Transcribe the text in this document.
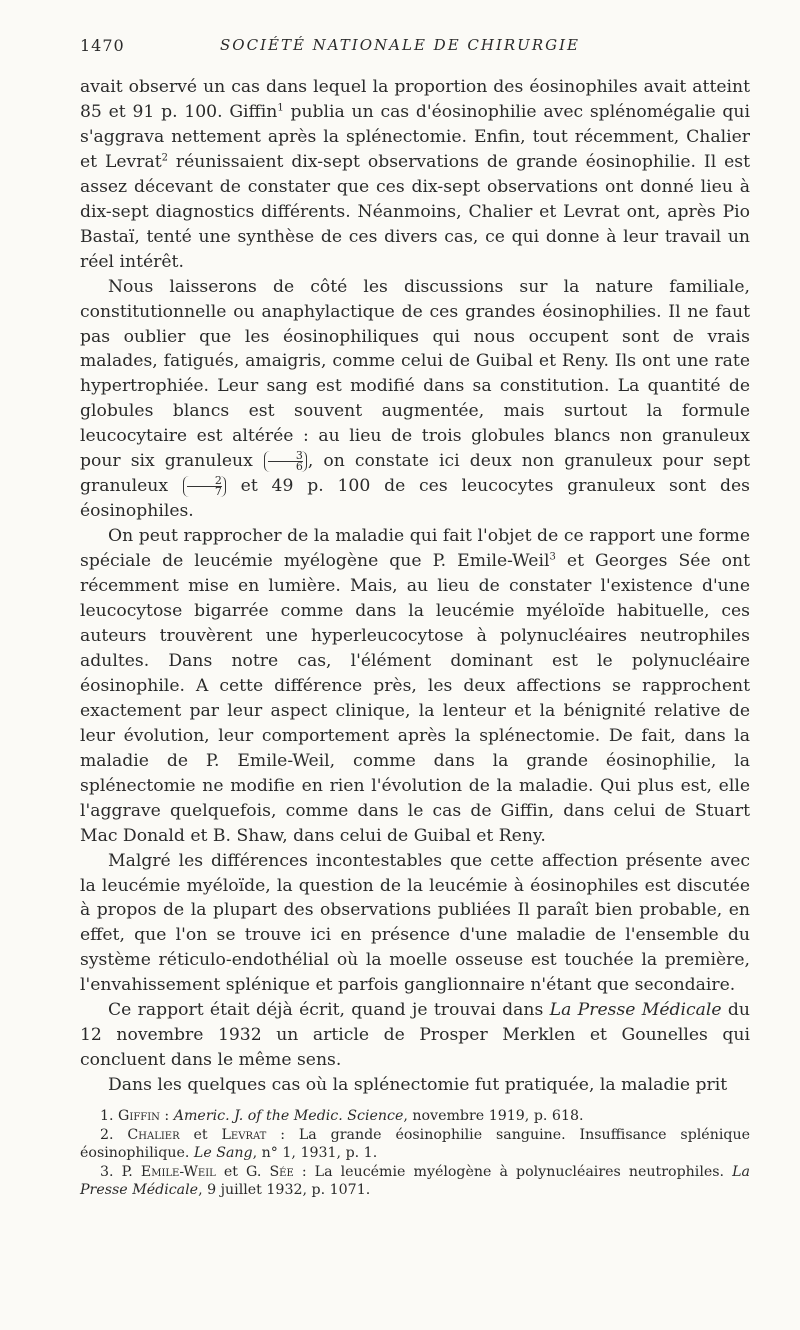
1470	SOCIÉTÉ NATIONALE DE CHIRURGIE

avait observé un cas dans lequel la proportion des éosinophiles avait atteint 85 et 91 p. 100. Giffin$^1$ publia un cas d'éosinophilie avec splénomégalie qui s'aggrava nettement après la splénectomie. Enfin, tout récemment, Chalier et Levrat$^2$ réunissaient dix-sept observations de grande éosinophilie. Il est assez décevant de constater que ces dix-sept observations ont donné lieu à dix-sept diagnostics différents. Néanmoins, Chalier et Levrat ont, après Pio Bastaï, tenté une synthèse de ces divers cas, ce qui donne à leur travail un réel intérêt.

Nous laisserons de côté les discussions sur la nature familiale, constitutionnelle ou anaphylactique de ces grandes éosinophilies. Il ne faut pas oublier que les éosinophiliques qui nous occupent sont de vrais malades, fatigués, amaigris, comme celui de Guibal et Reny. Ils ont une rate hypertrophiée. Leur sang est modifié dans sa constitution. La quantité de globules blancs est souvent augmentée, mais surtout la formule leucocytaire est altérée : au lieu de trois globules blancs non granuleux pour six granuleux $\frac{3}{6}$ , on constate ici deux non granuleux pour sept granuleux $\frac{2}{7}$ et 49 p. 100 de ces leucocytes granuleux sont des éosinophiles.

On peut rapprocher de la maladie qui fait l'objet de ce rapport une forme spéciale de leucémie myélogène que P. Emile-Weil$^3$ et Georges Sée ont récemment mise en lumière. Mais, au lieu de constater l'existence d'une leucocytose bigarrée comme dans la leucémie myéloïde habituelle, ces auteurs trouvèrent une hyperleucocytose à polynucléaires neutrophiles adultes. Dans notre cas, l'élément dominant est le polynucléaire éosinophile. A cette différence près, les deux affections se rapprochent exactement par leur aspect clinique, la lenteur et la bénignité relative de leur évolution, leur comportement après la splénectomie. De fait, dans la maladie de P. Emile-Weil, comme dans la grande éosinophilie, la splénectomie ne modifie en rien l'évolution de la maladie. Qui plus est, elle l'aggrave quelquefois, comme dans le cas de Giffin, dans celui de Stuart Mac Donald et B. Shaw, dans celui de Guibal et Reny.

Malgré les différences incontestables que cette affection présente avec la leucémie myéloïde, la question de la leucémie à éosinophiles est discutée à propos de la plupart des observations publiées Il paraît bien probable, en effet, que l'on se trouve ici en présence d'une maladie de l'ensemble du système réticulo-endothélial où la moelle osseuse est touchée la première, l'envahissement splénique et parfois ganglionnaire n'étant que secondaire.

Ce rapport était déjà écrit, quand je trouvai dans La Presse Médicale du 12 novembre 1932 un article de Prosper Merklen et Gounelles qui concluent dans le même sens.

Dans les quelques cas où la splénectomie fut pratiquée, la maladie prit

1. Giffin : Americ. J. of the Medic. Science, novembre 1919, p. 618.

2. Chalier et Levrat : La grande éosinophilie sanguine. Insuffisance splénique éosinophilique. Le Sang, n° 1, 1931, p. 1.

3. P. Emile-Weil et G. Sée : La leucémie myélogène à polynucléaires neutrophiles. La Presse Médicale, 9 juillet 1932, p. 1071.
